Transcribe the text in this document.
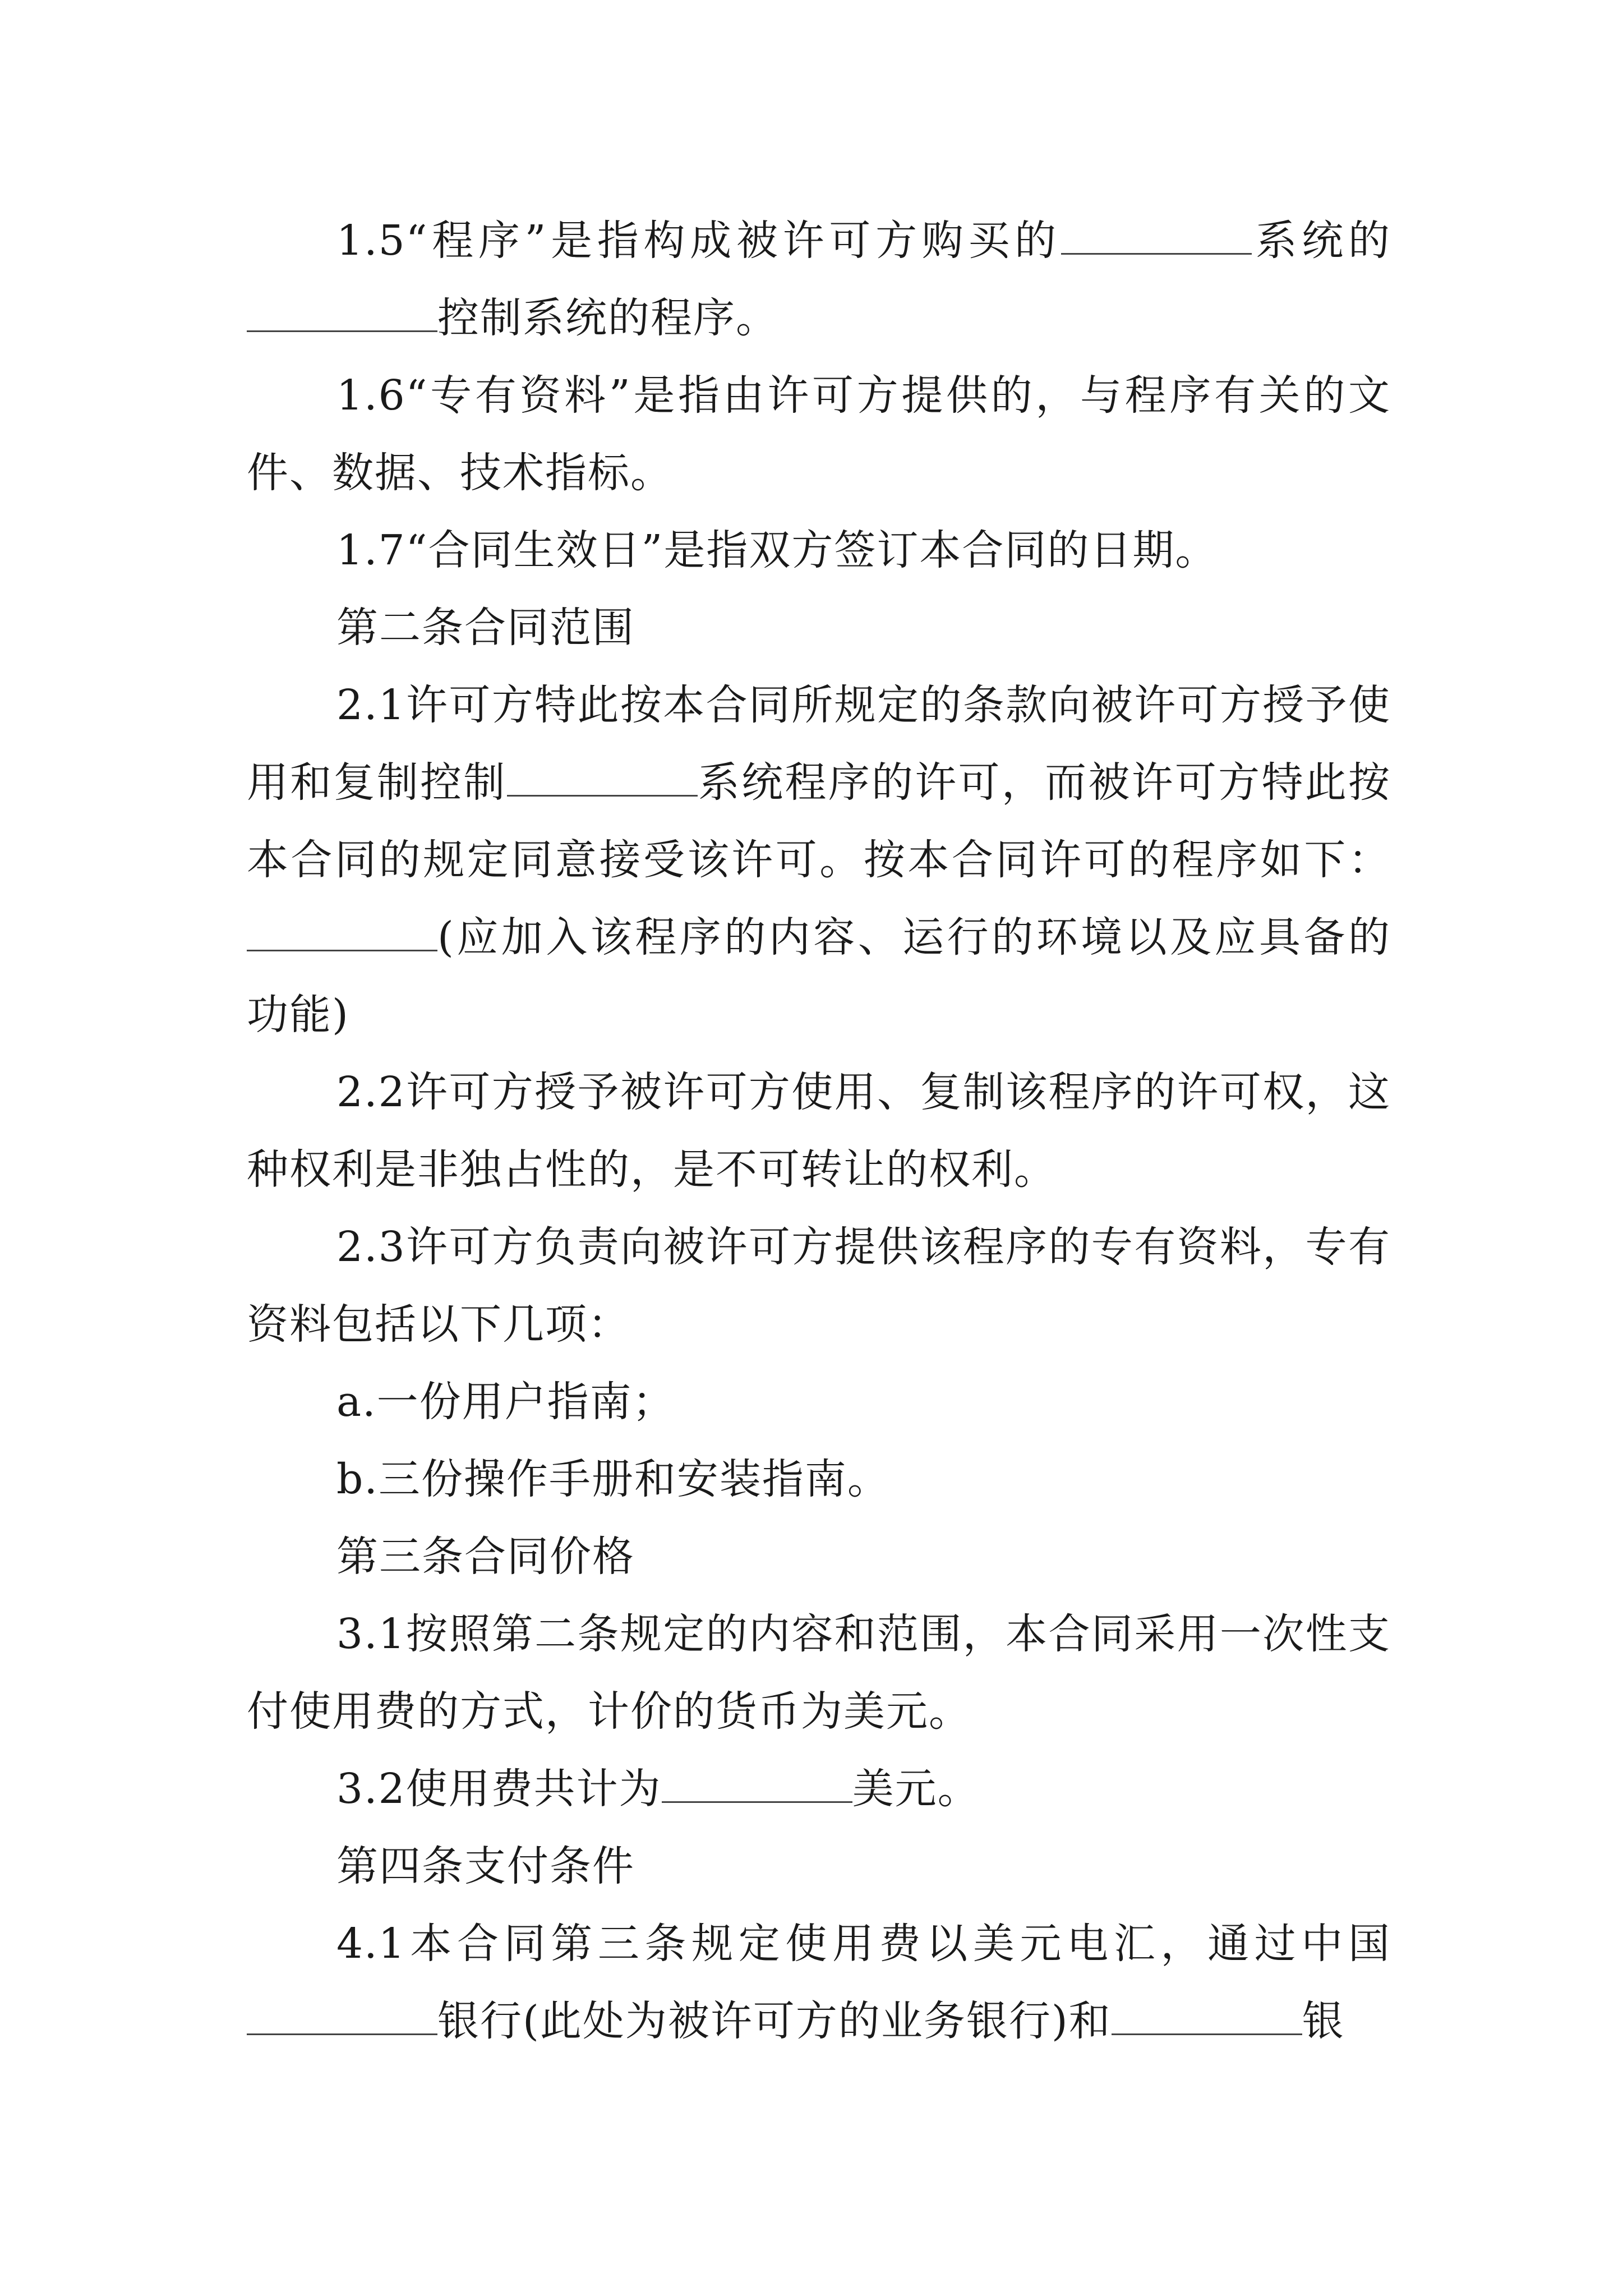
1.5“程序”是指构成被许可方购买的	系统的控制系统的程序。

1.6“专有资料”是指由许可方提供的，与程序有关的文件、数据、技术指标。

1.7“合同生效日”是指双方签订本合同的日期。

第二条合同范围

2.1许可方特此按本合同所规定的条款向被许可方授予使用和复制控制	系统程序的许可，而被许可方特此按本合同的规定同意接受该许可。按本合同许可的程序如下：(应加入该程序的内容、运行的环境以及应具备的功能)

2.2许可方授予被许可方使用、复制该程序的许可权，这种权利是非独占性的，是不可转让的权利。

2.3许可方负责向被许可方提供该程序的专有资料，专有资料包括以下几项：

a.一份用户指南；

b.三份操作手册和安装指南。

第三条合同价格

3.1按照第二条规定的内容和范围，本合同采用一次性支付使用费的方式，计价的货币为美元。

3.2使用费共计为	美元。

第四条支付条件

4.1本合同第三条规定使用费以美元电汇，通过中国银行(此处为被许可方的业务银行)和	银
